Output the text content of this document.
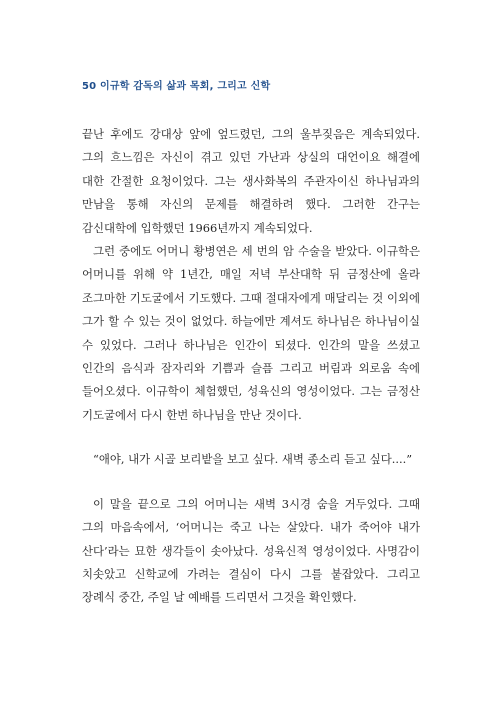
50 이규학 감독의 삶과 목회, 그리고 신학

끝난 후에도 강대상 앞에 엎드렸던, 그의 울부짖음은 계속되었다. 그의 흐느낌은 자신이 겪고 있던 가난과 상실의 대언이요 해결에 대한 간절한 요청이었다. 그는 생사화복의 주관자이신 하나님과의 만남을 통해 자신의 문제를 해결하려 했다. 그러한 간구는 감신대학에 입학했던 1966년까지 계속되었다.

그런 중에도 어머니 황병연은 세 번의 암 수술을 받았다. 이규학은 어머니를 위해 약 1년간, 매일 저녁 부산대학 뒤 금정산에 올라 조그마한 기도굴에서 기도했다. 그때 절대자에게 매달리는 것 이외에 그가 할 수 있는 것이 없었다. 하늘에만 계셔도 하나님은 하나님이실 수 있었다. 그러나 하나님은 인간이 되셨다. 인간의 말을 쓰셨고 인간의 음식과 잠자리와 기쁨과 슬픔 그리고 버림과 외로움 속에 들어오셨다. 이규학이 체험했던, 성육신의 영성이었다. 그는 금정산 기도굴에서 다시 한번 하나님을 만난 것이다.

“애야, 내가 시골 보리밭을 보고 싶다. 새벽 종소리 듣고 싶다....”

이 말을 끝으로 그의 어머니는 새벽 3시경 숨을 거두었다. 그때 그의 마음속에서, ‘어머니는 죽고 나는 살았다. 내가 죽어야 내가 산다’라는 묘한 생각들이 솟아났다. 성육신적 영성이었다. 사명감이 치솟았고 신학교에 가려는 결심이 다시 그를 붙잡았다. 그리고 장례식 중간, 주일 날 예배를 드리면서 그것을 확인했다.
